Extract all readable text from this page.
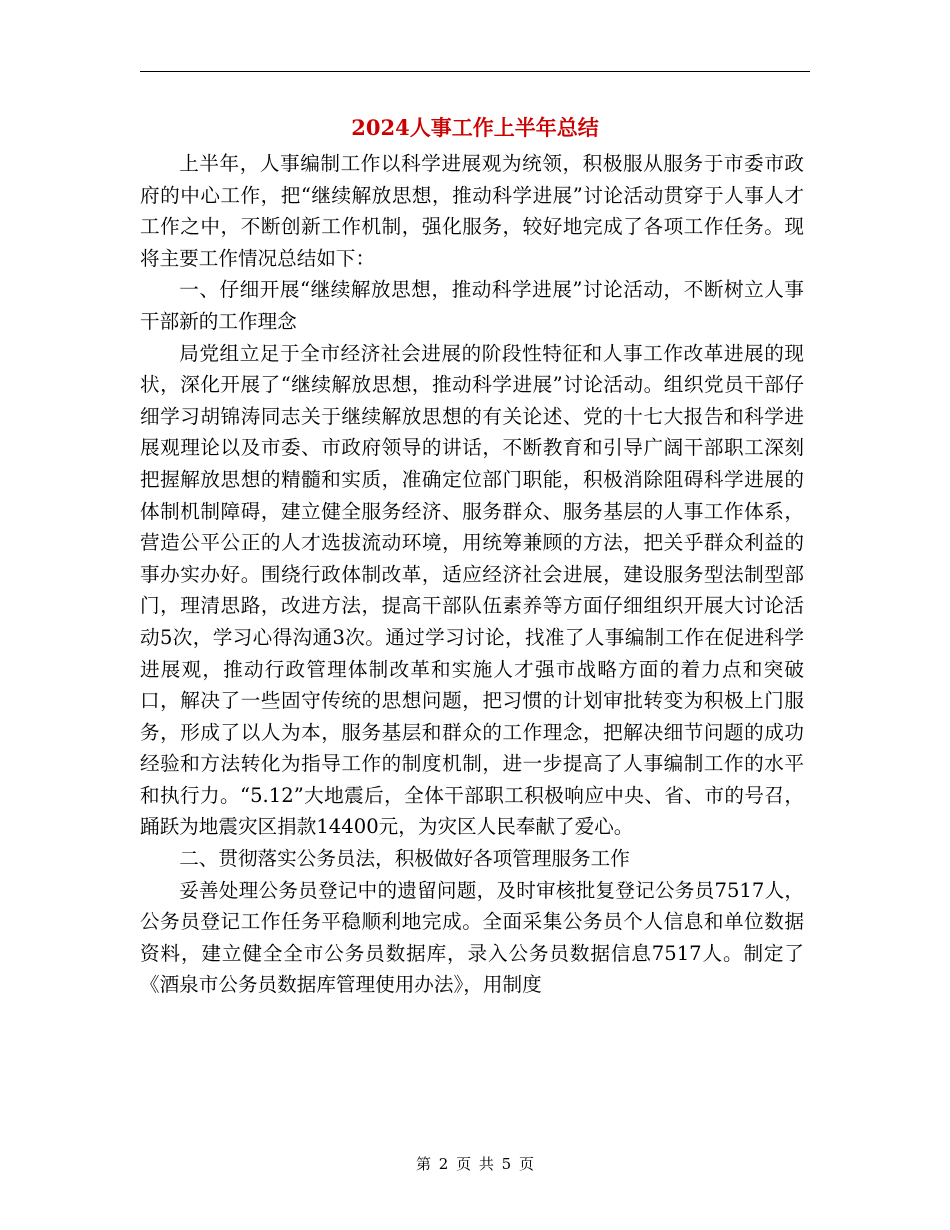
2024人事工作上半年总结

上半年，人事编制工作以科学进展观为统领，积极服从服务于市委市政府的中心工作，把“继续解放思想，推动科学进展”讨论活动贯穿于人事人才工作之中，不断创新工作机制，强化服务，较好地完成了各项工作任务。现将主要工作情况总结如下：

一、仔细开展“继续解放思想，推动科学进展”讨论活动，不断树立人事干部新的工作理念

局党组立足于全市经济社会进展的阶段性特征和人事工作改革进展的现状，深化开展了“继续解放思想，推动科学进展”讨论活动。组织党员干部仔细学习胡锦涛同志关于继续解放思想的有关论述、党的十七大报告和科学进展观理论以及市委、市政府领导的讲话，不断教育和引导广阔干部职工深刻把握解放思想的精髓和实质，准确定位部门职能，积极消除阻碍科学进展的体制机制障碍，建立健全服务经济、服务群众、服务基层的人事工作体系，营造公平公正的人才选拔流动环境，用统筹兼顾的方法，把关乎群众利益的事办实办好。围绕行政体制改革，适应经济社会进展，建设服务型法制型部门，理清思路，改进方法，提高干部队伍素养等方面仔细组织开展大讨论活动5次，学习心得沟通3次。通过学习讨论，找准了人事编制工作在促进科学进展观，推动行政管理体制改革和实施人才强市战略方面的着力点和突破口，解决了一些固守传统的思想问题，把习惯的计划审批转变为积极上门服务，形成了以人为本，服务基层和群众的工作理念，把解决细节问题的成功经验和方法转化为指导工作的制度机制，进一步提高了人事编制工作的水平和执行力。“5.12”大地震后，全体干部职工积极响应中央、省、市的号召，踊跃为地震灾区捐款14400元，为灾区人民奉献了爱心。

二、贯彻落实公务员法，积极做好各项管理服务工作

妥善处理公务员登记中的遗留问题，及时审核批复登记公务员7517人，公务员登记工作任务平稳顺利地完成。全面采集公务员个人信息和单位数据资料，建立健全全市公务员数据库，录入公务员数据信息7517人。制定了《酒泉市公务员数据库管理使用办法》，用制度

第 2 页 共 5 页
